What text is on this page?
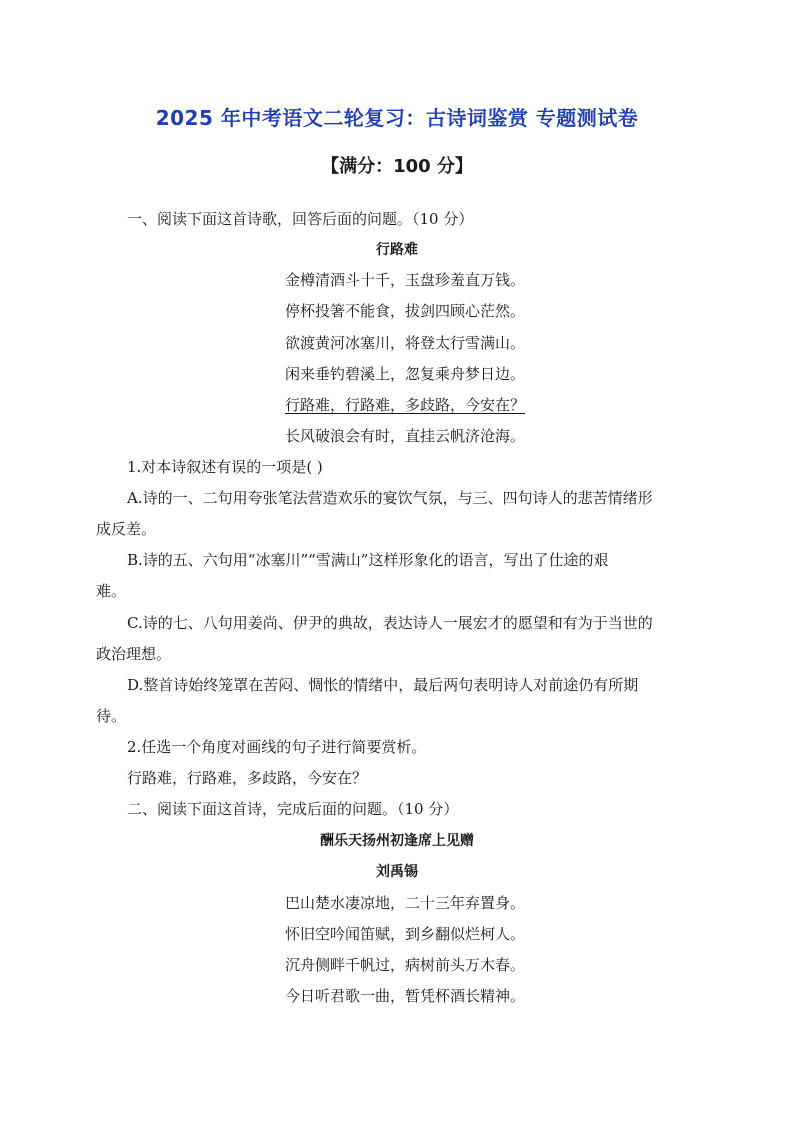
2025 年中考语文二轮复习：古诗词鉴赏 专题测试卷
【满分：100 分】
一、阅读下面这首诗歌，回答后面的问题。（10 分）
行路难
金樽清酒斗十千，玉盘珍羞直万钱。
停杯投箸不能食，拔剑四顾心茫然。
欲渡黄河冰塞川，将登太行雪满山。
闲来垂钓碧溪上，忽复乘舟梦日边。
行路难，行路难，多歧路，今安在？
长风破浪会有时，直挂云帆济沧海。
1.对本诗叙述有误的一项是( )
A.诗的一、二句用夸张笔法营造欢乐的宴饮气氛，与三、四句诗人的悲苦情绪形
成反差。
B.诗的五、六句用“冰塞川”“雪满山”这样形象化的语言，写出了仕途的艰
难。
C.诗的七、八句用姜尚、伊尹的典故，表达诗人一展宏才的愿望和有为于当世的
政治理想。
D.整首诗始终笼罩在苦闷、惆怅的情绪中，最后两句表明诗人对前途仍有所期
待。
2.任选一个角度对画线的句子进行简要赏析。
行路难，行路难，多歧路，今安在？
二、阅读下面这首诗，完成后面的问题。（10 分）
酬乐天扬州初逢席上见赠
刘禹锡
巴山楚水凄凉地，二十三年弃置身。
怀旧空吟闻笛赋，到乡翻似烂柯人。
沉舟侧畔千帆过，病树前头万木春。
今日听君歌一曲，暂凭杯酒长精神。
